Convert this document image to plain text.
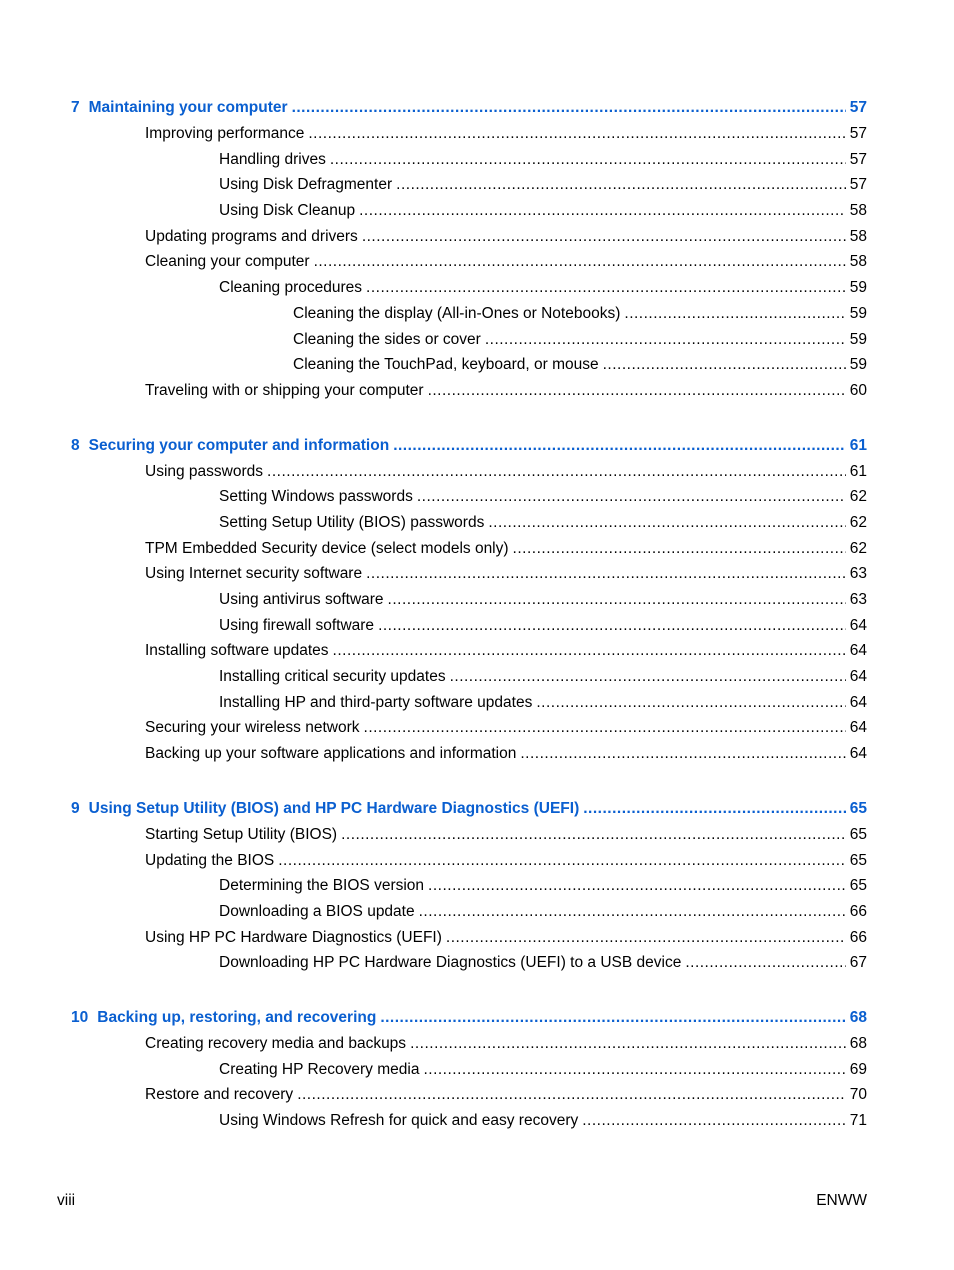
7 Maintaining your computer .....	57
Improving performance .....	57
Handling drives .....	57
Using Disk Defragmenter .....	57
Using Disk Cleanup .....	58
Updating programs and drivers .....	58
Cleaning your computer .....	58
Cleaning procedures .....	59
Cleaning the display (All-in-Ones or Notebooks) .....	59
Cleaning the sides or cover .....	59
Cleaning the TouchPad, keyboard, or mouse .....	59
Traveling with or shipping your computer .....	60
8 Securing your computer and information .....	61
Using passwords .....	61
Setting Windows passwords .....	62
Setting Setup Utility (BIOS) passwords .....	62
TPM Embedded Security device (select models only) .....	62
Using Internet security software .....	63
Using antivirus software .....	63
Using firewall software .....	64
Installing software updates .....	64
Installing critical security updates .....	64
Installing HP and third-party software updates .....	64
Securing your wireless network .....	64
Backing up your software applications and information .....	64
9 Using Setup Utility (BIOS) and HP PC Hardware Diagnostics (UEFI) .....	65
Starting Setup Utility (BIOS) .....	65
Updating the BIOS .....	65
Determining the BIOS version .....	65
Downloading a BIOS update .....	66
Using HP PC Hardware Diagnostics (UEFI) .....	66
Downloading HP PC Hardware Diagnostics (UEFI) to a USB device .....	67
10 Backing up, restoring, and recovering .....	68
Creating recovery media and backups .....	68
Creating HP Recovery media .....	69
Restore and recovery .....	70
Using Windows Refresh for quick and easy recovery .....	71
viii	ENWW
